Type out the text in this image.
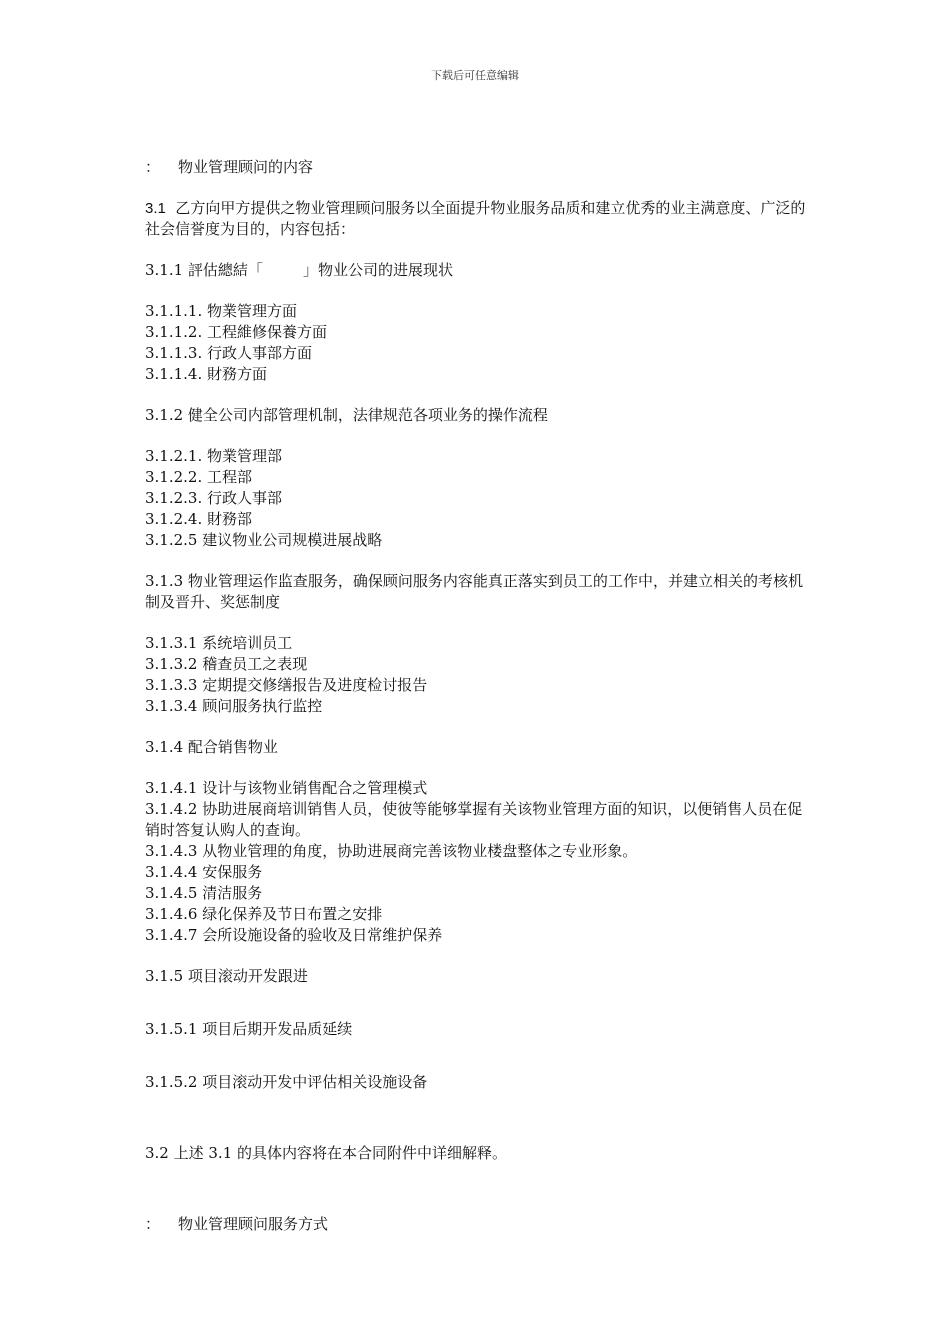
下载后可任意编辑

： 物业管理顾问的内容

3.1 乙方向甲方提供之物业管理顾问服务以全面提升物业服务品质和建立优秀的业主满意度、广泛的社会信誉度为目的，内容包括：

3.1.1 評估總結「	」物业公司的进展现状

3.1.1.1. 物業管理方面

3.1.1.2. 工程維修保養方面

3.1.1.3. 行政人事部方面

3.1.1.4. 財務方面

3.1.2 健全公司内部管理机制，法律规范各项业务的操作流程

3.1.2.1. 物業管理部

3.1.2.2. 工程部

3.1.2.3. 行政人事部

3.1.2.4. 財務部

3.1.2.5 建议物业公司规模进展战略

3.1.3 物业管理运作监查服务，确保顾问服务内容能真正落实到员工的工作中，并建立相关的考核机制及晋升、奖惩制度

3.1.3.1 系统培训员工

3.1.3.2 稽查员工之表现

3.1.3.3 定期提交修缮报告及进度检讨报告

3.1.3.4 顾问服务执行监控

3.1.4 配合销售物业

3.1.4.1 设计与该物业销售配合之管理模式

3.1.4.2 协助进展商培训销售人员，使彼等能够掌握有关该物业管理方面的知识，以便销售人员在促销时答复认购人的查询。

3.1.4.3 从物业管理的角度，协助进展商完善该物业楼盘整体之专业形象。

3.1.4.4 安保服务

3.1.4.5 清洁服务

3.1.4.6 绿化保养及节日布置之安排

3.1.4.7 会所设施设备的验收及日常维护保养

3.1.5 项目滚动开发跟进

3.1.5.1 项目后期开发品质延续

3.1.5.2 项目滚动开发中评估相关设施设备

3.2 上述 3.1 的具体内容将在本合同附件中详细解释。

： 物业管理顾问服务方式
